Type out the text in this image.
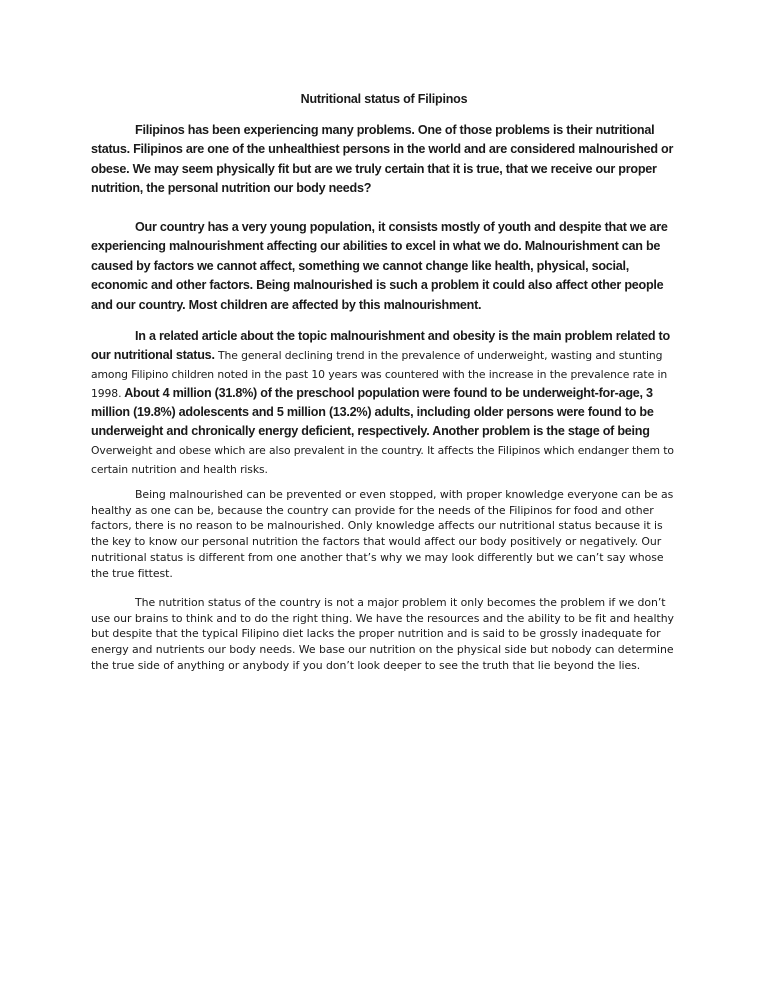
Nutritional status of Filipinos

Filipinos has been experiencing many problems. One of those problems is their nutritional status. Filipinos are one of the unhealthiest persons in the world and are considered malnourished or obese. We may seem physically fit but are we truly certain that it is true, that we receive our proper nutrition, the personal nutrition our body needs?

Our country has a very young population, it consists mostly of youth and despite that we are experiencing malnourishment affecting our abilities to excel in what we do. Malnourishment can be caused by factors we cannot affect, something we cannot change like health, physical, social, economic and other factors. Being malnourished is such a problem it could also affect other people and our country. Most children are affected by this malnourishment.

In a related article about the topic malnourishment and obesity is the main problem related to our nutritional status. The general declining trend in the prevalence of underweight, wasting and stunting among Filipino children noted in the past 10 years was countered with the increase in the prevalence rate in 1998. About 4 million (31.8%) of the preschool population were found to be underweight-for-age, 3 million (19.8%) adolescents and 5 million (13.2%) adults, including older persons were found to be underweight and chronically energy deficient, respectively. Another problem is the stage of being Overweight and obese which are also prevalent in the country. It affects the Filipinos which endanger them to certain nutrition and health risks.

Being malnourished can be prevented or even stopped, with proper knowledge everyone can be as healthy as one can be, because the country can provide for the needs of the Filipinos for food and other factors, there is no reason to be malnourished. Only knowledge affects our nutritional status because it is the key to know our personal nutrition the factors that would affect our body positively or negatively. Our nutritional status is different from one another that’s why we may look differently but we can’t say whose the true fittest.

The nutrition status of the country is not a major problem it only becomes the problem if we don’t use our brains to think and to do the right thing. We have the resources and the ability to be fit and healthy but despite that the typical Filipino diet lacks the proper nutrition and is said to be grossly inadequate for energy and nutrients our body needs. We base our nutrition on the physical side but nobody can determine the true side of anything or anybody if you don’t look deeper to see the truth that lie beyond the lies.
